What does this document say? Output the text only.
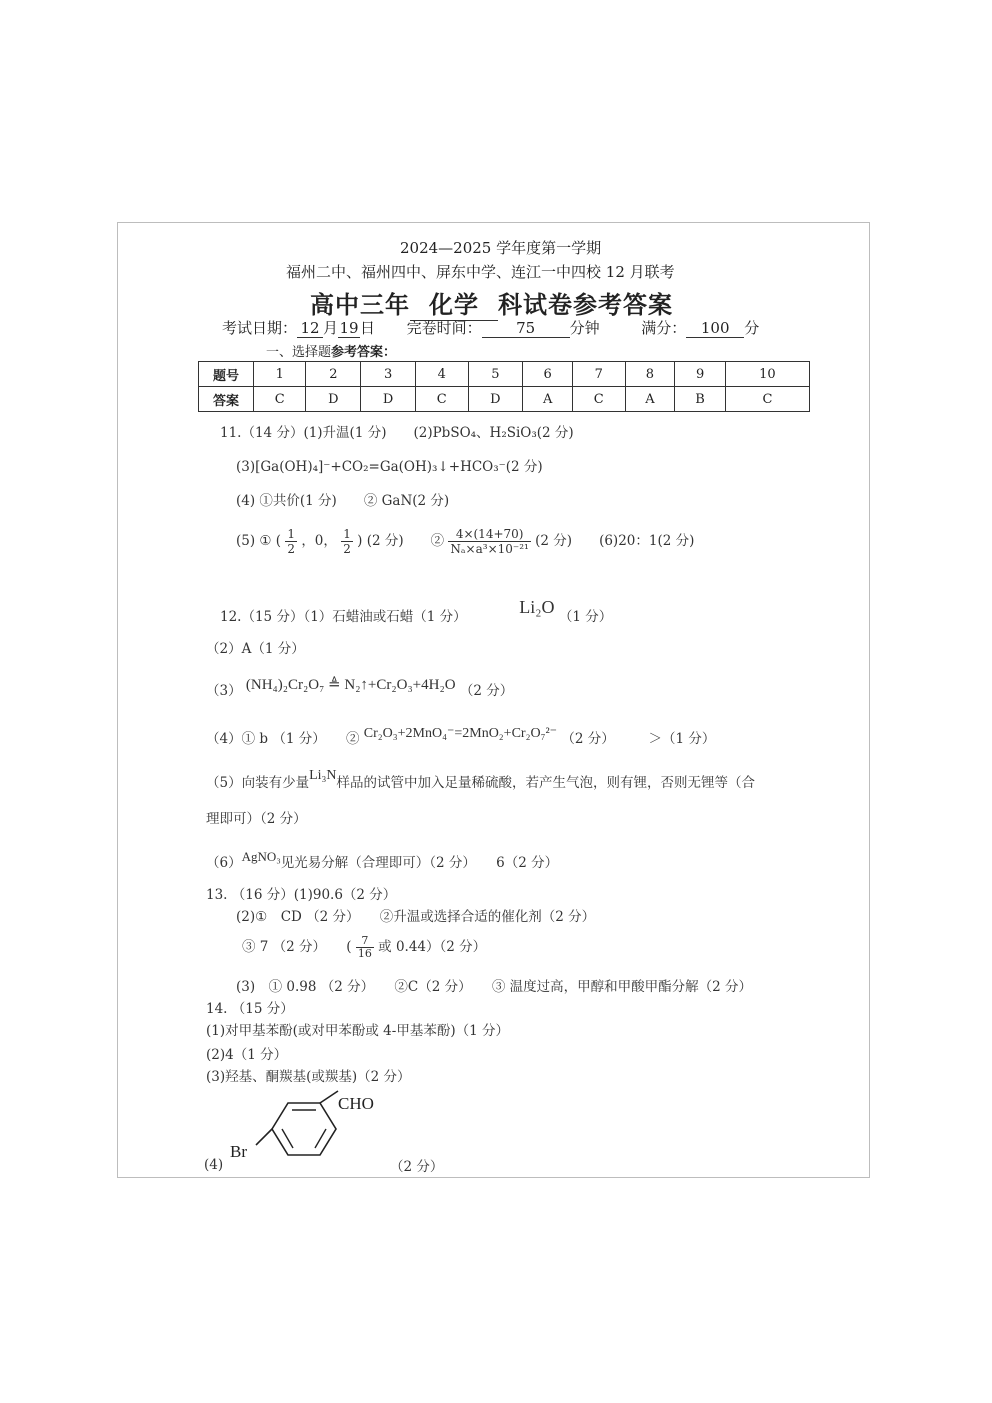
2024—2025 学年度第一学期
福州二中、福州四中、屏东中学、连江一中四校 12 月联考
高中三年 化学 科试卷参考答案
考试日期： 12 月19日 完卷时间： 75 分钟	满分： 100 分
一、选择题参考答案：
题号	1	2	3	4	5	6	7	8	9	10
答案	C	D	D	C	D	A	C	A	B	C
11.（14 分）(1)升温(1 分)　　(2)PbSO₄、H₂SiO₃(2 分)
(3)[Ga(OH)₄]⁻+CO₂=Ga(OH)₃↓+HCO₃⁻(2 分)
(4) ①共价(1 分)　　② GaN(2 分)
(5) ① ( $\frac{1}{2}$ ，0， $\frac{1}{2}$ ) (2 分)　　② $\frac{4\times(14+70)}{\text{Nₐ×a³×10⁻²¹}} (2$ 分)　　(6)20：1(2 分)
12.（15 分）（1）石蜡油或石蜡（1 分）	Li₂O （1 分）
（2）A（1 分）
（3） (NH₄)₂Cr₂O₇ ≜ N₂↑+Cr₂O₃+4H₂O （2 分）
（4）① b （1 分）　　② Cr₂O₃+2MnO₄⁻=2MnO₂+Cr₂O₇²⁻ （2 分）　　　＞（1 分）
（5）向装有少量Li₃N样品的试管中加入足量稀硫酸，若产生气泡，则有锂，否则无锂等（合
理即可）（2 分）
（6）AgNO₃见光易分解（合理即可）（2 分）　　6（2 分）
13. （16 分）(1)90.6（2 分）
(2)①　CD （2 分）　　②升温或选择合适的催化剂（2 分）
③ 7 （2 分）　　( $\frac{7}{16}$ 或 0.44）（2 分）
(3)　① 0.98 （2 分）　　②C（2 分）　　③ 温度过高，甲醇和甲酸甲酯分解（2 分）
14. （15 分）
(1)对甲基苯酚(或对甲苯酚或 4-甲基苯酚)（1 分）
(2)4（1 分）
(3)羟基、酮羰基(或羰基)（2 分）
(4)
Br
CHO
（2 分）
